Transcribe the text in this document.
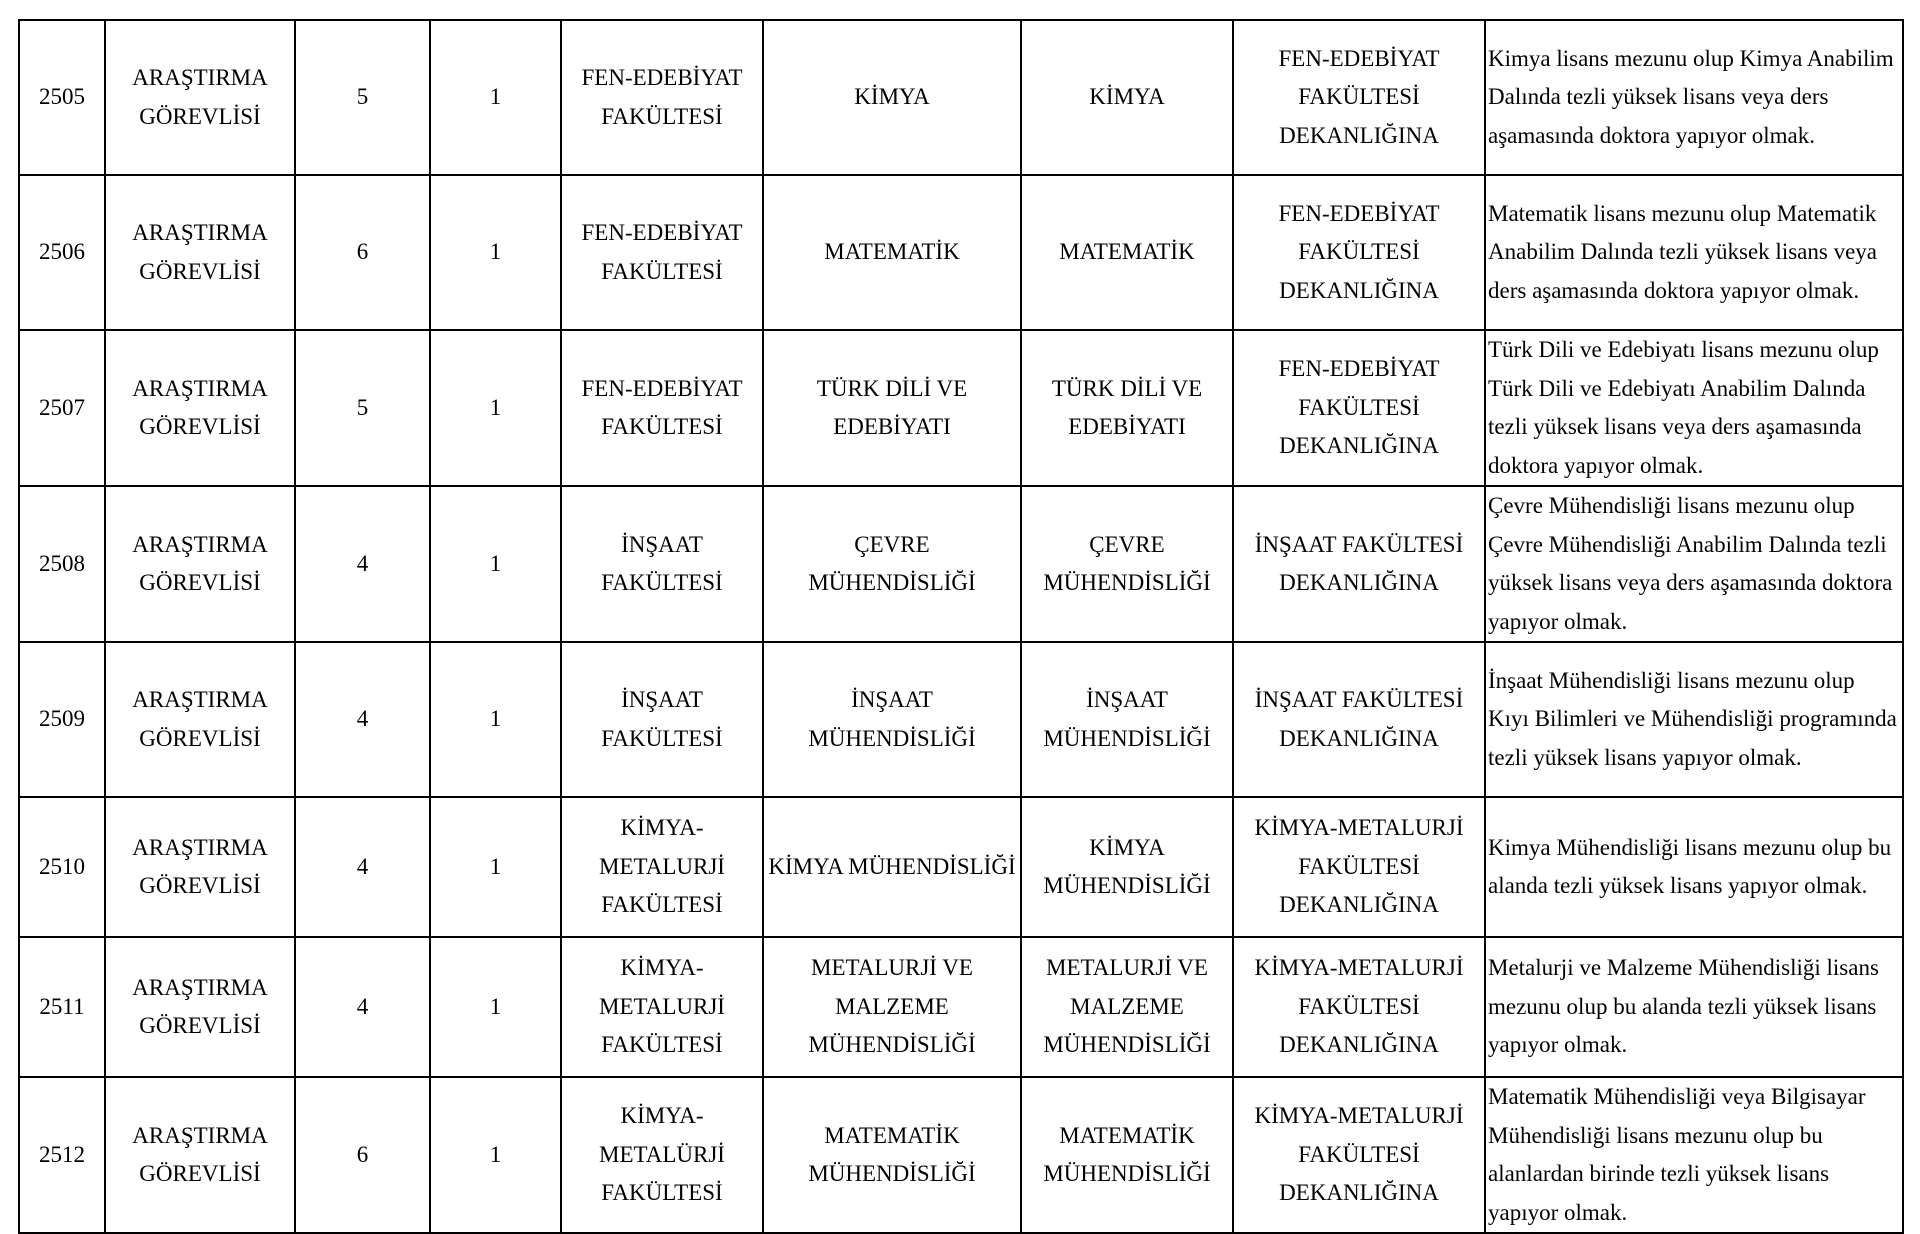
2505	ARAŞTIRMA GÖREVLİSİ	5	1	FEN-EDEBİYAT FAKÜLTESİ	KİMYA	KİMYA	FEN-EDEBİYAT FAKÜLTESİ DEKANLIĞINA	Kimya lisans mezunu olup Kimya Anabilim Dalında tezli yüksek lisans veya ders aşamasında doktora yapıyor olmak.

2506	ARAŞTIRMA GÖREVLİSİ	6	1	FEN-EDEBİYAT FAKÜLTESİ	MATEMATİK	MATEMATİK	FEN-EDEBİYAT FAKÜLTESİ DEKANLIĞINA	Matematik lisans mezunu olup Matematik Anabilim Dalında tezli yüksek lisans veya ders aşamasında doktora yapıyor olmak.

2507	ARAŞTIRMA GÖREVLİSİ	5	1	FEN-EDEBİYAT FAKÜLTESİ	TÜRK DİLİ VE EDEBİYATI	TÜRK DİLİ VE EDEBİYATI	FEN-EDEBİYAT FAKÜLTESİ DEKANLIĞINA	Türk Dili ve Edebiyatı lisans mezunu olup Türk Dili ve Edebiyatı Anabilim Dalında tezli yüksek lisans veya ders aşamasında doktora yapıyor olmak.

2508	ARAŞTIRMA GÖREVLİSİ	4	1	İNŞAAT FAKÜLTESİ	ÇEVRE MÜHENDİSLİĞİ	ÇEVRE MÜHENDİSLİĞİ	İNŞAAT FAKÜLTESİ DEKANLIĞINA	Çevre Mühendisliği lisans mezunu olup Çevre Mühendisliği Anabilim Dalında tezli yüksek lisans veya ders aşamasında doktora yapıyor olmak.

2509	ARAŞTIRMA GÖREVLİSİ	4	1	İNŞAAT FAKÜLTESİ	İNŞAAT MÜHENDİSLİĞİ	İNŞAAT MÜHENDİSLİĞİ	İNŞAAT FAKÜLTESİ DEKANLIĞINA	İnşaat Mühendisliği lisans mezunu olup Kıyı Bilimleri ve Mühendisliği programında tezli yüksek lisans yapıyor olmak.

2510	ARAŞTIRMA GÖREVLİSİ	4	1	KİMYA-METALURJİ FAKÜLTESİ	KİMYA MÜHENDİSLİĞİ	KİMYA MÜHENDİSLİĞİ	KİMYA-METALURJİ FAKÜLTESİ DEKANLIĞINA	Kimya Mühendisliği lisans mezunu olup bu alanda tezli yüksek lisans yapıyor olmak.

2511	ARAŞTIRMA GÖREVLİSİ	4	1	KİMYA-METALURJİ FAKÜLTESİ	METALURJİ VE MALZEME MÜHENDİSLİĞİ	METALURJİ VE MALZEME MÜHENDİSLİĞİ	KİMYA-METALURJİ FAKÜLTESİ DEKANLIĞINA	Metalurji ve Malzeme Mühendisliği lisans mezunu olup bu alanda tezli yüksek lisans yapıyor olmak.

2512	ARAŞTIRMA GÖREVLİSİ	6	1	KİMYA-METALÜRJİ FAKÜLTESİ	MATEMATİK MÜHENDİSLİĞİ	MATEMATİK MÜHENDİSLİĞİ	KİMYA-METALURJİ FAKÜLTESİ DEKANLIĞINA	Matematik Mühendisliği veya Bilgisayar Mühendisliği lisans mezunu olup bu alanlardan birinde tezli yüksek lisans yapıyor olmak.
